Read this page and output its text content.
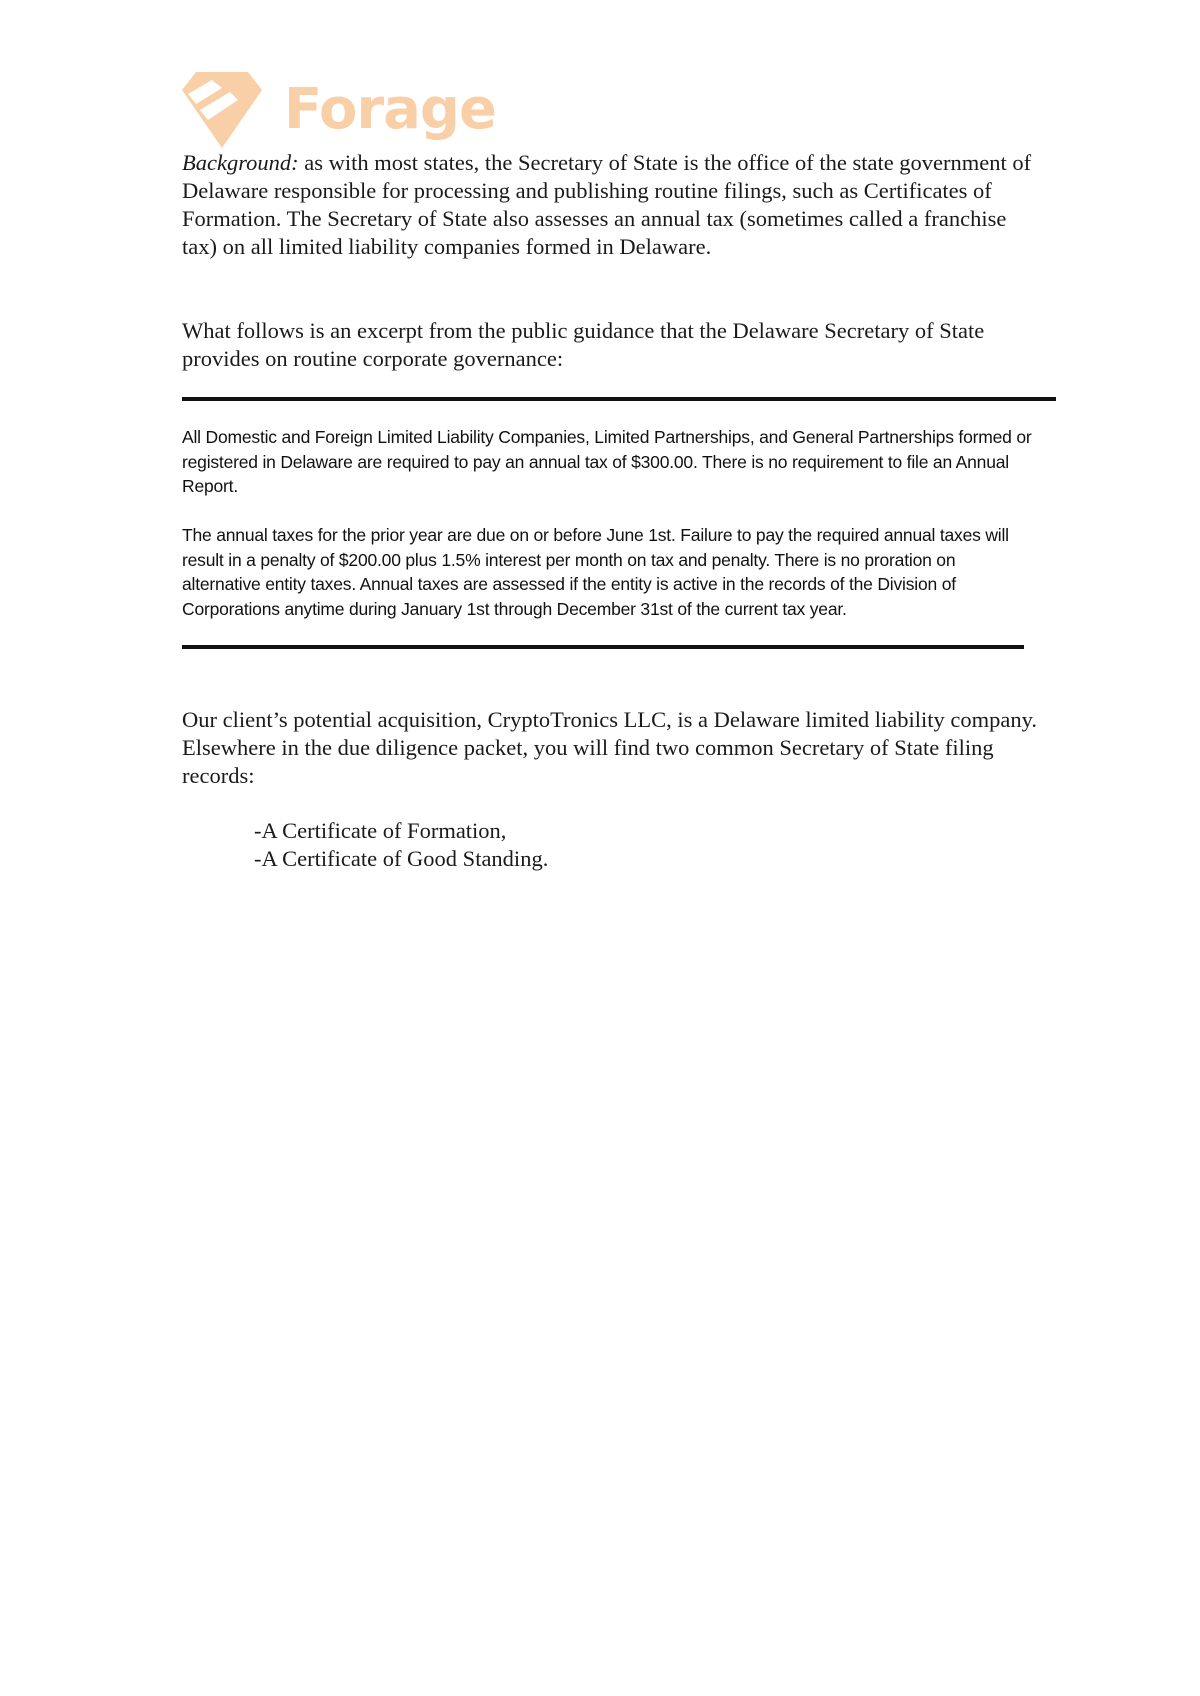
Forage

Background: as with most states, the Secretary of State is the office of the state government of Delaware responsible for processing and publishing routine filings, such as Certificates of Formation. The Secretary of State also assesses an annual tax (sometimes called a franchise tax) on all limited liability companies formed in Delaware.

What follows is an excerpt from the public guidance that the Delaware Secretary of State provides on routine corporate governance:

All Domestic and Foreign Limited Liability Companies, Limited Partnerships, and General Partnerships formed or registered in Delaware are required to pay an annual tax of $300.00. There is no requirement to file an Annual Report.

The annual taxes for the prior year are due on or before June 1st. Failure to pay the required annual taxes will result in a penalty of $200.00 plus 1.5% interest per month on tax and penalty. There is no proration on alternative entity taxes. Annual taxes are assessed if the entity is active in the records of the Division of Corporations anytime during January 1st through December 31st of the current tax year.

Our client’s potential acquisition, CryptoTronics LLC, is a Delaware limited liability company. Elsewhere in the due diligence packet, you will find two common Secretary of State filing records:

-A Certificate of Formation,
-A Certificate of Good Standing.
